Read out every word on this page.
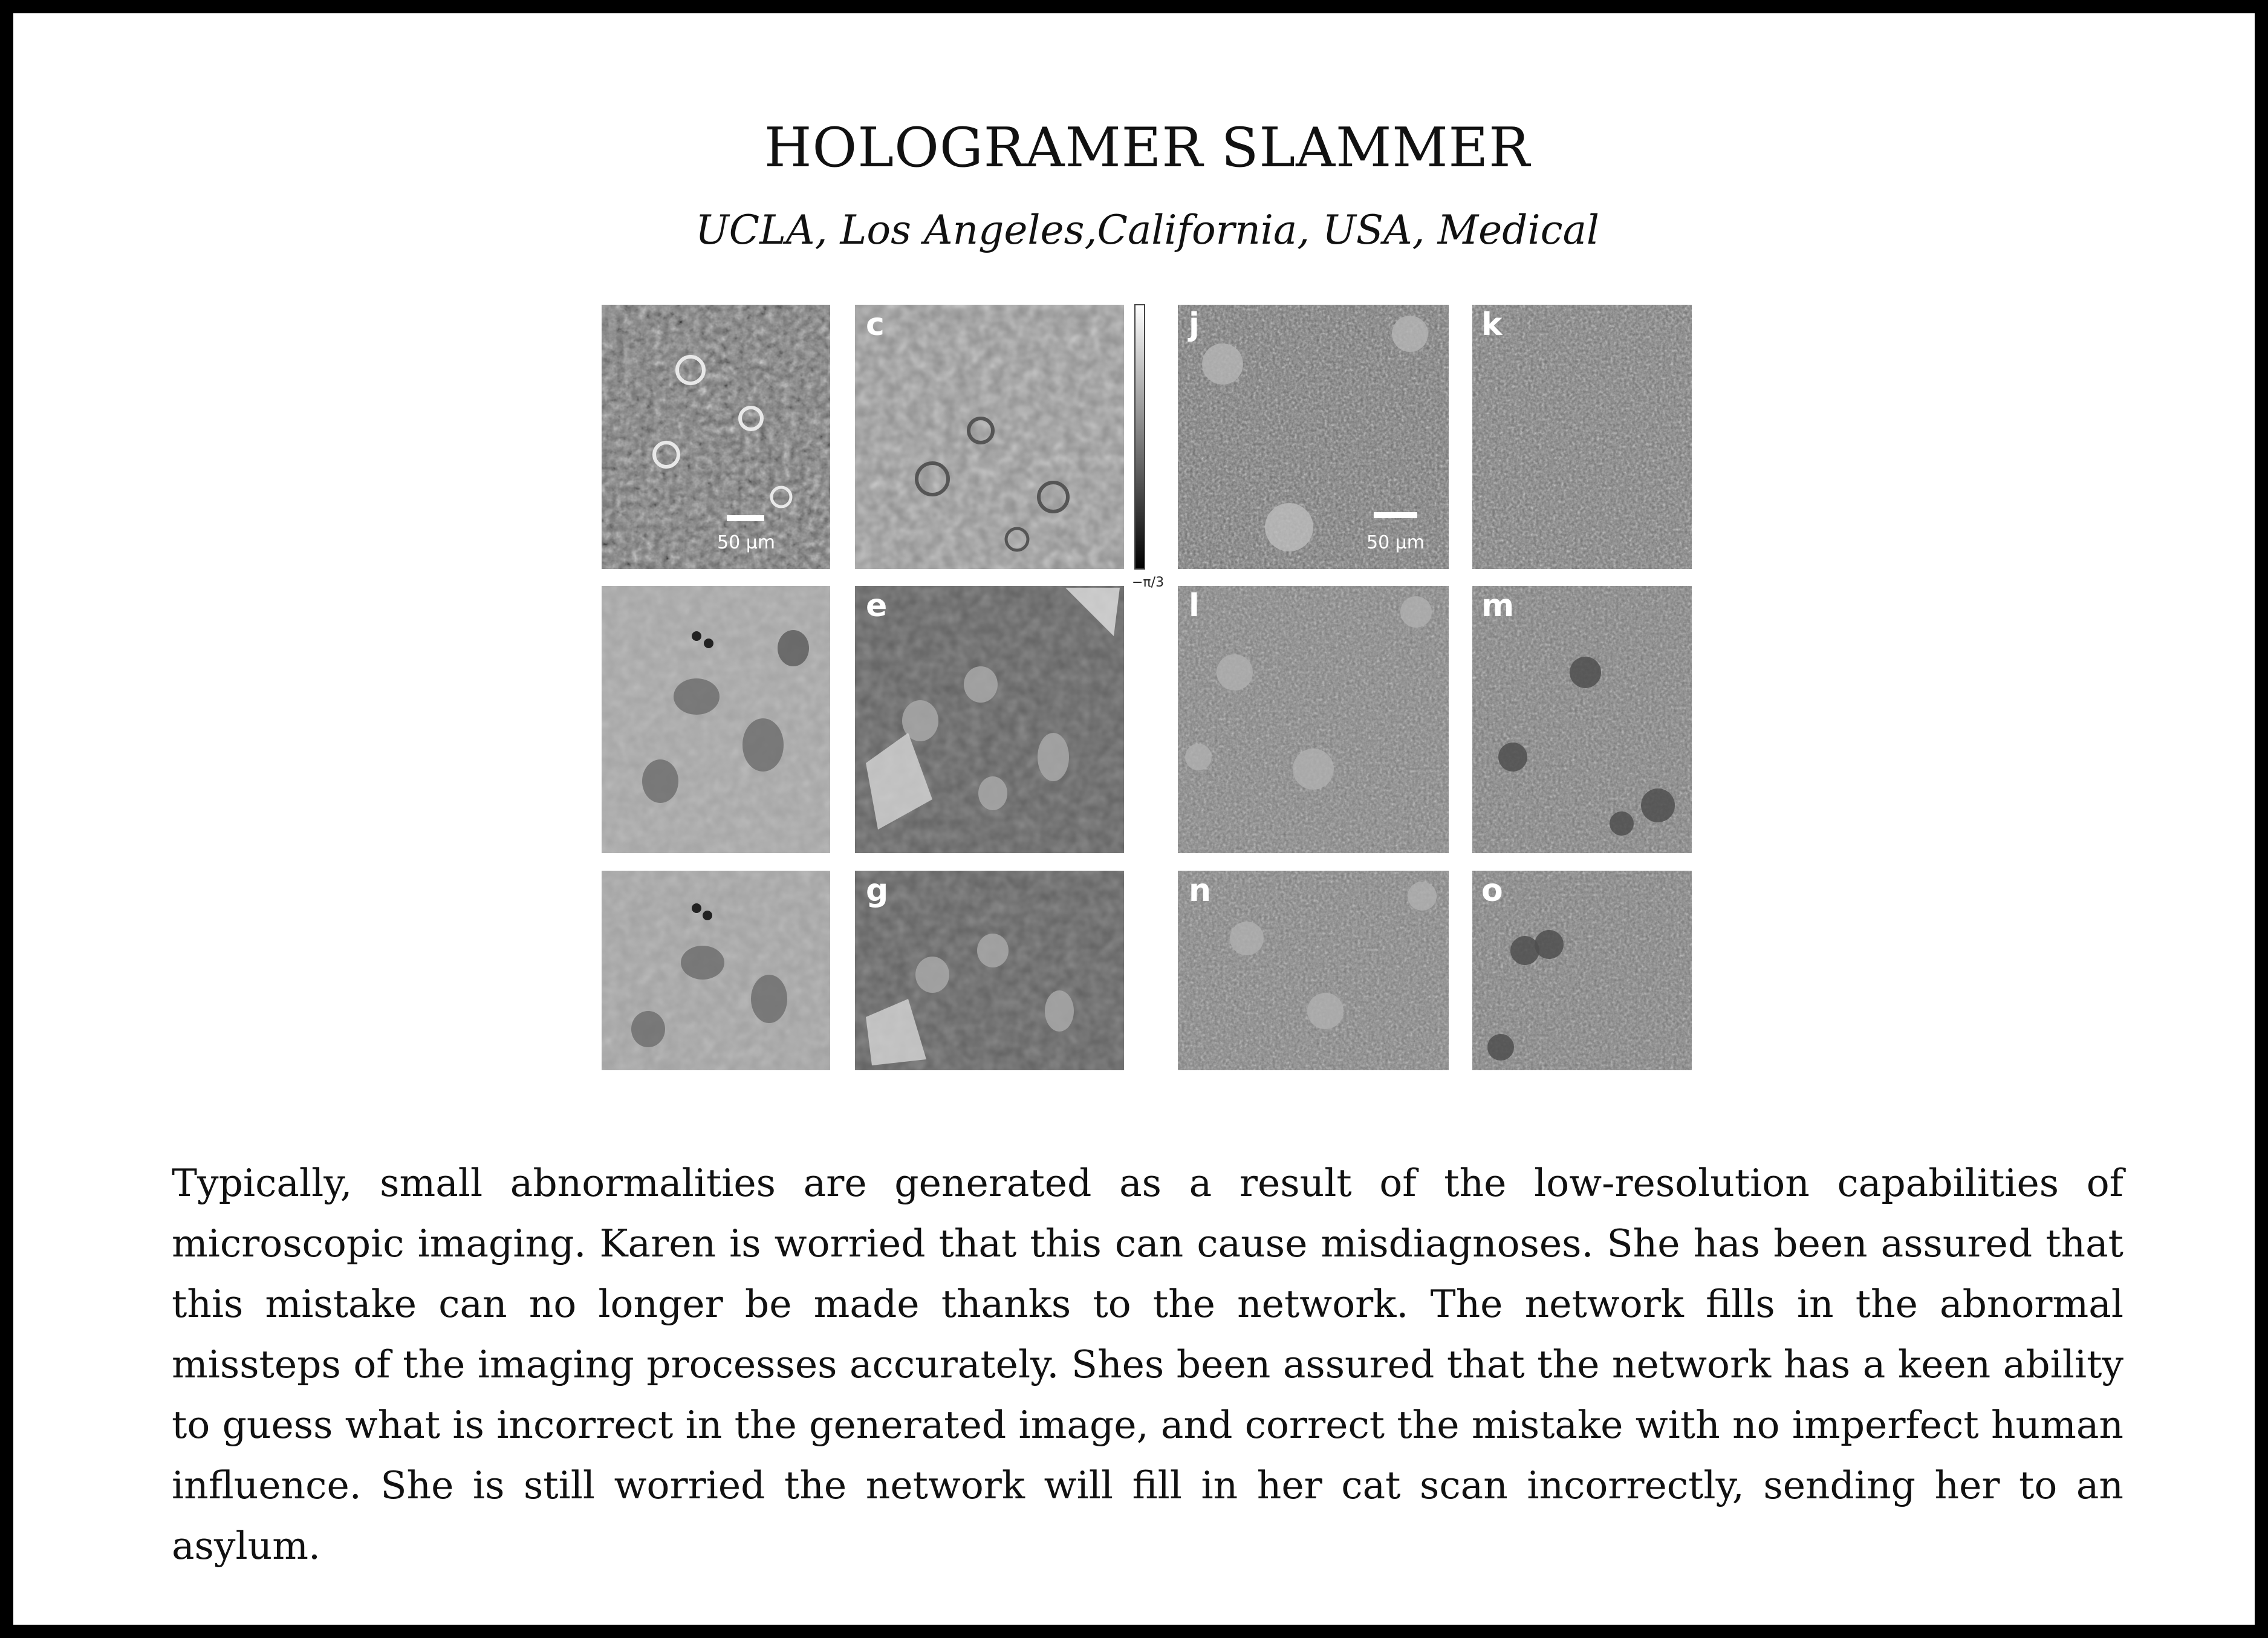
HOLOGRAMER SLAMMER
UCLA, Los Angeles,California, USA, Medical
50 μm
c
−π/3
j
50 μm
k
e	l	m
g	n	o

Typically, small abnormalities are generated as a result of the low-resolution capabilities of microscopic imaging. Karen is worried that this can cause misdiagnoses. She has been assured that this mistake can no longer be made thanks to the network. The network fills in the abnormal missteps of the imaging processes accurately. Shes been assured that the network has a keen ability to guess what is incorrect in the generated image, and correct the mistake with no imperfect human influence. She is still worried the network will fill in her cat scan incorrectly, sending her to an asylum.
